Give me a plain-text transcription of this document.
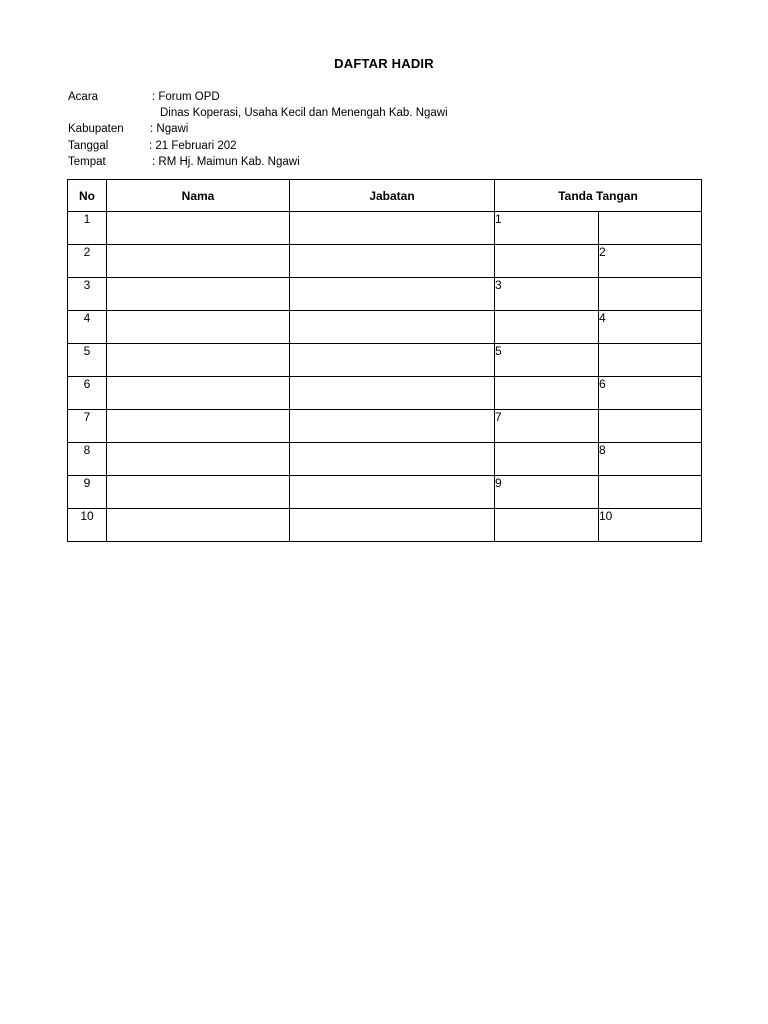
DAFTAR HADIR
Acara	: Forum OPD
Dinas Koperasi, Usaha Kecil dan Menengah Kab. Ngawi
Kabupaten : Ngawi
Tanggal	: 21 Februari 202
Tempat	: RM Hj. Maimun Kab. Ngawi
No	Nama	Jabatan	Tanda Tangan	
1			1	
2				2
3			3	
4				4
5			5	
6				6
7			7	
8				8
9			9	
10				10
